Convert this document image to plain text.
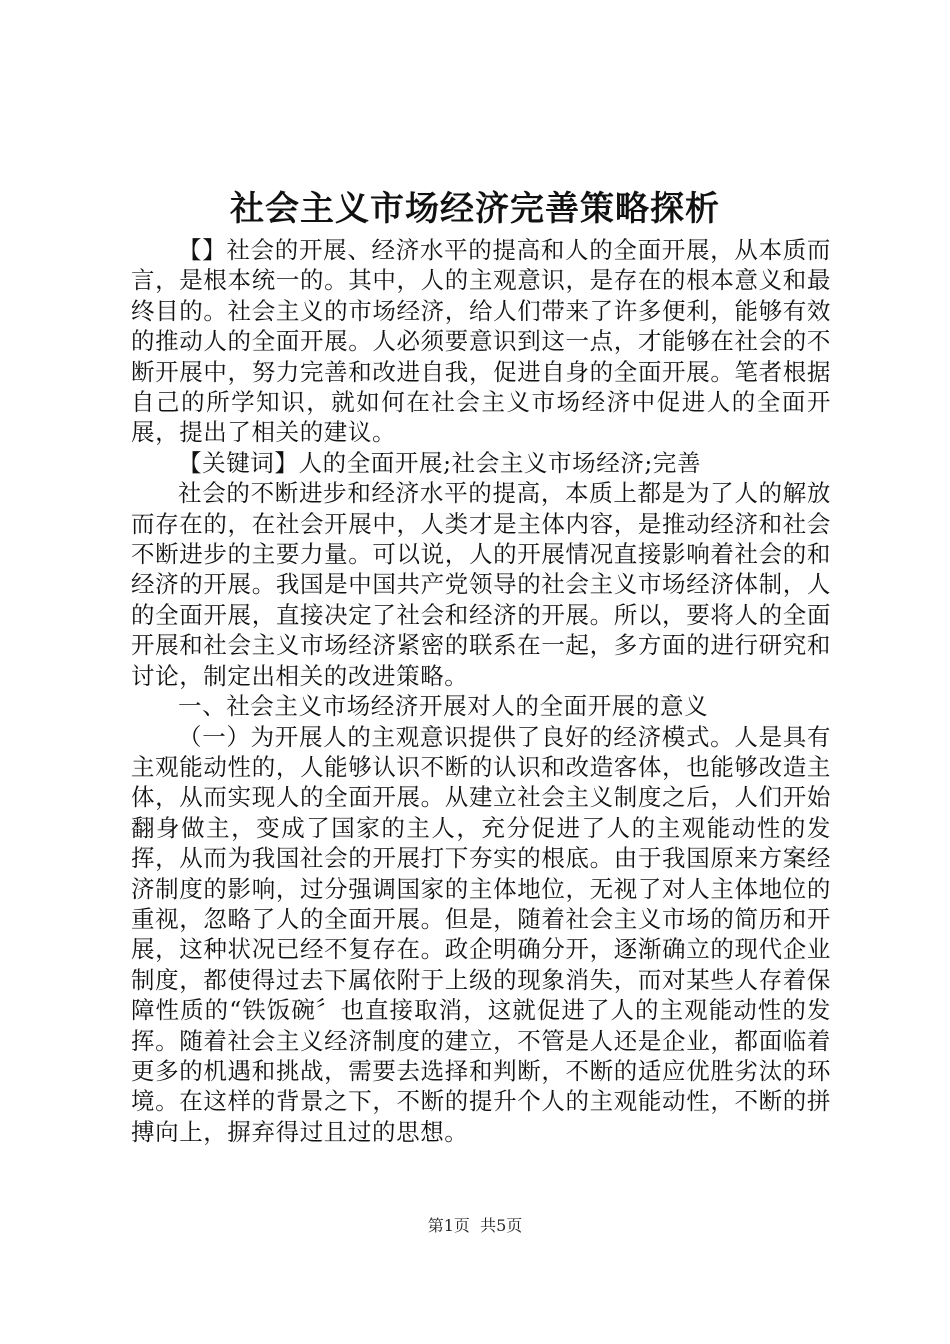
社会主义市场经济完善策略探析

【】社会的开展、经济水平的提高和人的全面开展，从本质而言，是根本统一的。其中，人的主观意识，是存在的根本意义和最终目的。社会主义的市场经济，给人们带来了许多便利，能够有效的推动人的全面开展。人必须要意识到这一点，才能够在社会的不断开展中，努力完善和改进自我，促进自身的全面开展。笔者根据自己的所学知识，就如何在社会主义市场经济中促进人的全面开展，提出了相关的建议。

【关键词】人的全面开展;社会主义市场经济;完善

社会的不断进步和经济水平的提高，本质上都是为了人的解放而存在的，在社会开展中，人类才是主体内容，是推动经济和社会不断进步的主要力量。可以说，人的开展情况直接影响着社会的和经济的开展。我国是中国共产党领导的社会主义市场经济体制，人的全面开展，直接决定了社会和经济的开展。所以，要将人的全面开展和社会主义市场经济紧密的联系在一起，多方面的进行研究和讨论，制定出相关的改进策略。

一、社会主义市场经济开展对人的全面开展的意义

（一）为开展人的主观意识提供了良好的经济模式。人是具有主观能动性的，人能够认识不断的认识和改造客体，也能够改造主体，从而实现人的全面开展。从建立社会主义制度之后，人们开始翻身做主，变成了国家的主人，充分促进了人的主观能动性的发挥，从而为我国社会的开展打下夯实的根底。由于我国原来方案经济制度的影响，过分强调国家的主体地位，无视了对人主体地位的重视，忽略了人的全面开展。但是，随着社会主义市场的简历和开展，这种状况已经不复存在。政企明确分开，逐渐确立的现代企业制度，都使得过去下属依附于上级的现象消失，而对某些人存着保障性质的“铁饭碗〞也直接取消，这就促进了人的主观能动性的发挥。随着社会主义经济制度的建立，不管是人还是企业，都面临着更多的机遇和挑战，需要去选择和判断，不断的适应优胜劣汰的环境。在这样的背景之下，不断的提升个人的主观能动性，不断的拼搏向上，摒弃得过且过的思想。

第1页 共5页
